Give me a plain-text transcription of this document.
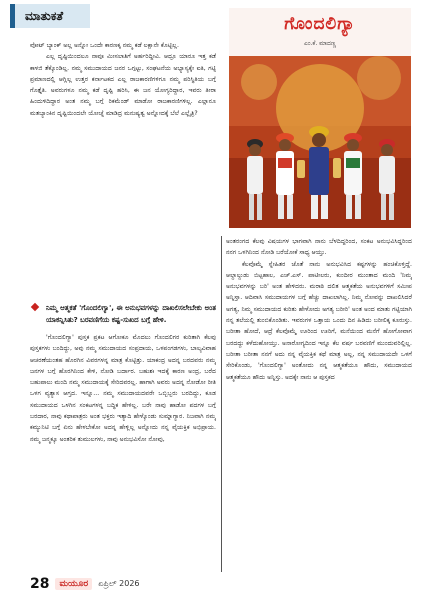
ಮಾತುಕತೆ

ವೋಟ್ ಬ್ಯಾಂಕ್ ಅಲ್ಲ ಅನ್ನೋ ಒಂದೇ ಕಾರಣಕ್ಕ ನಮ್ಮ ಕಡೆ ಲಕ್ಷಾನೇ ಕೊಟ್ಟಿಲ್ಲ.

ಎಲ್ಲ ದೃಷ್ಟಿಯಿಂದಲೂ ನಾವೂ ಮೀಸಲಾತಿಗೆ ಅರ್ಹರಿದ್ದೀವಿ. ಆದ್ರೂ ಯಾರೂ ಇತ್ತ ಕಡೆ ಕಾಳಜಿ ತೆಕ್ಕೊಂಡಿಲ್ಲ. ನಮ್ಮ ಸಮುದಾಯದ ಜನರ ಒಗ್ಗಟ್ಟು, ಸಂಘಟನೆಯ ಅಭ್ಯಾಸ್ಯಕ್ಕೇ ಐತಿ, ಗಟ್ಟಿ ಪ್ರಮಾಣದಲ್ಲಿ ಆಗ್ಲಿಲ್ಲ ಉತ್ತರ ಕರ್ನಾಟಕದ ಎಲ್ಲ ರಾಜಕಾರಣಿಗಳಿಗೂ ನಮ್ಮ ಪರಿಸ್ಥಿತಿಯ ಬಗ್ಗೆ ಗೊತ್ತೈತಿ. ಅವರುಗಳೂ ನಮ್ಮ ಕಡೆ ದೃಷ್ಟಿ ಹರಿಸಿ, ಈ ಜನ ಯೋಗ್ಯರಿದ್ದಾರ, ಇವರು ತೀರಾ ಹಿಂದುಳಿದಿದ್ದಾರ ಅಂತ ನಮ್ಮ ಬಗ್ಗೆ ರಿಕಮೆಂಡ್ ಮಾಡೋ ರಾಜಕಾರಣಿಗಳಿಲ್ಲ. ಎಲ್ಲಾನೂ ಮತಬ್ಯಾಂಕಿನ ದೃಷ್ಟಿಯಿಂದಲೇ ಯೋಚ್ನೆ ಮಾಡಿದ್ರ ಮನುಷ್ಯತ್ವ ಅನ್ನೋದಕ್ಕೆ ಬೆಲೆ ಎಲ್ಲೈತ್ರಿ?

ನಿಮ್ಮ ಆತ್ಮಕತೆ 'ಗೊಂದಲಿಗ್ಯಾ', ಈ ಅನುಭವಗಳನ್ನು ದಾಖಲಿಸಲೇಬೇಕು ಅಂತ ಯಾಕನ್ನಿಸಿತು? ಬರವಣಿಗೆಯ ಕಷ್ಟ-ಸುಖದ ಬಗ್ಗೆ ಹೇಳಿ.

'ಗೊಂದಲಿಗ್ಯಾ' ಪುಸ್ತಕ ಪ್ರಕಟ ಆಗೋಕೂ ಮೊದಲು ಗೊಂದಲಿಗರ ಕುರಿತಾಗಿ ಕೆಲವು ಪುಸ್ತಕಗಳು ಬಂದಿದ್ದು, ಅವು ನಮ್ಮ ಸಮುದಾಯದ ಸಂಪ್ರದಾಯ, ಒಳಪಂಗಡಗಳು, ಬಾಲ್ಯವಿವಾಹ ಆಚರಣೆಯಂತಹ ಹೊರಗಿನ ವಿವರಗಳನ್ನ ಮಾತ್ರ ಕೊಟ್ಟಿತ್ತು. ಯಾಕಂದ್ರ ಅದನ್ನ ಬರದವರು ನಮ್ಮ ಜನಗಳ ಬಗ್ಗೆ ಹೊರಗಿನಿಂದ ಕೇಳಿ, ನೋಡಿ ಬರ್ದಾರ. ಬಹುಶಃ ಇದಕ್ಕೆ ಕಾರಣ ಅಂದ್ರ, ಬರೆದ ಬಹುಪಾಲು ಮಂದಿ ನಮ್ಮ ಸಮುದಾಯಕ್ಕೆ ಸೇರಿದವರಲ್ಲ. ಹಾಗಾಗಿ ಅವರು ಅದನ್ನ ನೋಡೋ ರೀತಿ ಒಳಗ ವ್ಯತ್ಯಾಸ ಆಗ್ತದ. ಇನ್ನೂ... ನಮ್ಮ ಸಮುದಾಯದವರೇ ಒಬ್ಬಿಬ್ಬರು ಬರದಿದ್ದು, ಕೂಡ ಸಮುದಾಯದ ಒಳಗಿನ ಸಂಕಟಗಳನ್ನ ಬದ್ಧಿಕ ಹೇಳಿಲ್ಲ. ಬರೇ ನಾವು ಹಾಡೋ ಪದಗಳ ಬಗ್ಗೆ ಬರದಾರ, ನಾವು ಕಥಾಪಾತ್ರರು ಅಂತ ಭಕ್ತರು ಇತ್ಯಾದಿ ಹೇಳ್ಕೊಂಡು ಸುಮ್ನಾಗ್ಯಾರ. ನಿಜವಾಗಿ ನಮ್ಮ ಕಮ್ಯುನಿಟಿ ಬಗ್ಗೆ ಏನು ಹೇಳಬೇಕೋ ಅದನ್ನ ಹೇಳ್ಲಿಲ್ಲ ಅನ್ನೋದು ನನ್ನ ವೈಯಕ್ತಿಕ ಅಭಿಪ್ರಾಯ. ನಮ್ಮ ಜನ್ಮಕ್ಕೂ ಅಂತರಿಕ ತುಮುಲಗಳು, ನಾವು ಅನುಭವಿಸೋ ನೋವು,

ಗೊಂದಲಿಗ್ಯಾ
ಎಂ.ಕೆ. ಮಾದಣ್ಣ

ಅಂತರಂಗದ ಕೆಲವು ವಿಷಯಗಳ ಭಾಗವಾಗಿ ನಾನು ಬೆಳದಿದ್ದರಿಂದ, ಸಂಕಟ ಅನುಭವಿಸಿದ್ದರಿಂದ ನನಗ ಒಳಗಿನಿಂದ ನೋಡಿ ಬರೆಯೋಕೆ ಸಾಧ್ಯ ಆಯ್ತು.

ಕೆಲವೊಮ್ಮೆ ಸ್ನೇಹಿತರ ಜೊತೆ ನಾನು ಅನುಭವಿಸಿದ ಕಷ್ಟಗಳನ್ನು ಹಂಚಿಕೊಳ್ತಿದ್ದೆ. ಆಲ್ದಾಲ್ದುಡು ಬಿಟ್ಟಹಾಲ, ಎಚ್.ಎಸ್. ಪಾಟೀಲರು, ಕುಂದೀರ ಮುಂತಾದ ಮಂದಿ 'ನಿಮ್ಮ ಅನುಭವಗಳನ್ನು ಬರಿ' ಅಂತ ಹೇಳಿದರು. ಮರಾಠಿ ದಲಿತ ಆತ್ಮಕತೆಯ ಅನುಭವಗಳಿಗೆ ಸಮೀಪ ಅನ್ನಿಸ್ತಾ. ಆದಿವಾಸಿ ಸಮುದಾಯಗಳ ಬಗ್ಗೆ ಹೆಚ್ಚು ದಾಖಲಾಗಿಲ್ಲ. ನಿಮ್ಮ ನೋವನ್ನು ದಾಖಲಿಸಿದರೆ ಅಗತ್ಯ, ನಿಮ್ಮ ಸಮುದಾಯದ ಕುರಿತು ಹೇಳೋದು ಅಗತ್ಯ ಬರೀರಿ' ಅಂತ ಅಂದ ಮಾತು ಗಟ್ಟಿಯಾಗಿ ನನ್ನ ತಲೆಯಲ್ಲಿ ತುಂಬಿಕೊಂಡಿತು. ಇವರುಗಳ ಒತ್ತಾಯ ಒಂದು ದಿನ ಹಿಡಿದು ಬರೀಲಿಕ್ಕ ಕೂರುಸ್ತು. ಬರೀತಾ ಹೋದೆ, ಆದ್ರೆ ಕೆಲವೊಮ್ಮೆ ಊರಿಂದ ಊರಿಗೆ, ಮನೆಯಿಂದ ಮನೆಗೆ ಹೋಗೋವಾಗ ಬರದದ್ದು ಕಳೆದುಹೋಯ್ತು. ಅನಾರೋಗ್ಯದಿಂದ ಇನ್ನೂ ಕೆಲ ವರ್ಷ ಬರವಣಿಗೆ ಮುಂದುವರಿಲ್ಲಿಲ್ಲ. ಬರೀತಾ ಬರೀತಾ ನನಗೆ ಅದು ನನ್ನ ವೈಯಕ್ತಿಕ ಕಥೆ ಮಾತ್ರ ಅಲ್ಲ, ನನ್ನ ಸಮುದಾಯದೇ ಒಳಗೆ ಸೇರಿಕೊಂಡು, 'ಗೊಂದಲಿಗ್ಯಾ' ಅಂತೋದು ನನ್ನ ಆತ್ಮಕತೆಯೂ ಹೌದು, ಸಮುದಾಯದ ಆತ್ಮಕತೆಯೂ ಹೌದು ಅನ್ನಿಸ್ತು. ಅದಕ್ಕೇ ನಾನು ಆ ಪುಸ್ತಕದ

28	ಮಯೂರ	ಏಪ್ರಿಲ್ 2026
